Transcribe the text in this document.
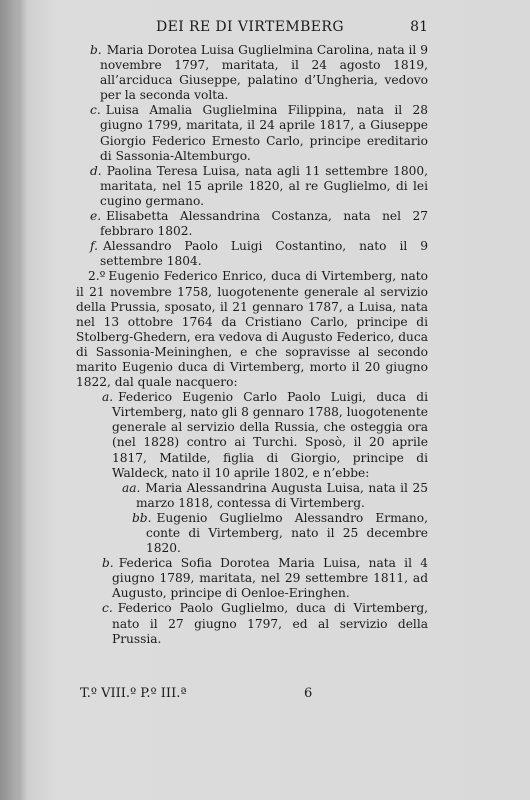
DEI RE DI VIRTEMBERG	81

b. Maria Dorotea Luisa Guglielmina Carolina, nata il 9 novembre 1797, maritata, il 24 agosto 1819, all’arciduca Giuseppe, palatino d’Ungheria, vedovo per la seconda volta.

c. Luisa Amalia Guglielmina Filippina, nata il 28 giugno 1799, maritata, il 24 aprile 1817, a Giuseppe Giorgio Federico Ernesto Carlo, principe ereditario di Sassonia-Altemburgo.

d. Paolina Teresa Luisa, nata agli 11 settembre 1800, maritata, nel 15 aprile 1820, al re Guglielmo, di lei cugino germano.

e. Elisabetta Alessandrina Costanza, nata nel 27 febbraro 1802.

f. Alessandro Paolo Luigi Costantino, nato il 9 settembre 1804.

2.º Eugenio Federico Enrico, duca di Virtemberg, nato il 21 novembre 1758, luogotenente generale al servizio della Prussia, sposato, il 21 gennaro 1787, a Luisa, nata nel 13 ottobre 1764 da Cristiano Carlo, principe di Stolberg-Ghedern, era vedova di Augusto Federico, duca di Sassonia-Meininghen, e che sopravisse al secondo marito Eugenio duca di Virtemberg, morto il 20 giugno 1822, dal quale nacquero:

a. Federico Eugenio Carlo Paolo Luigi, duca di Virtemberg, nato gli 8 gennaro 1788, luogotenente generale al servizio della Russia, che osteggia ora (nel 1828) contro ai Turchi. Sposò, il 20 aprile 1817, Matilde, figlia di Giorgio, principe di Waldeck, nato il 10 aprile 1802, e n’ebbe:

aa. Maria Alessandrina Augusta Luisa, nata il 25 marzo 1818, contessa di Virtemberg.

bb. Eugenio Guglielmo Alessandro Ermano, conte di Virtemberg, nato il 25 decembre 1820.

b. Federica Sofia Dorotea Maria Luisa, nata il 4 giugno 1789, maritata, nel 29 settembre 1811, ad Augusto, principe di Oenloe-Eringhen.

c. Federico Paolo Guglielmo, duca di Virtemberg, nato il 27 giugno 1797, ed al servizio della Prussia.

T.º VIII.º P.º III.ª	6
